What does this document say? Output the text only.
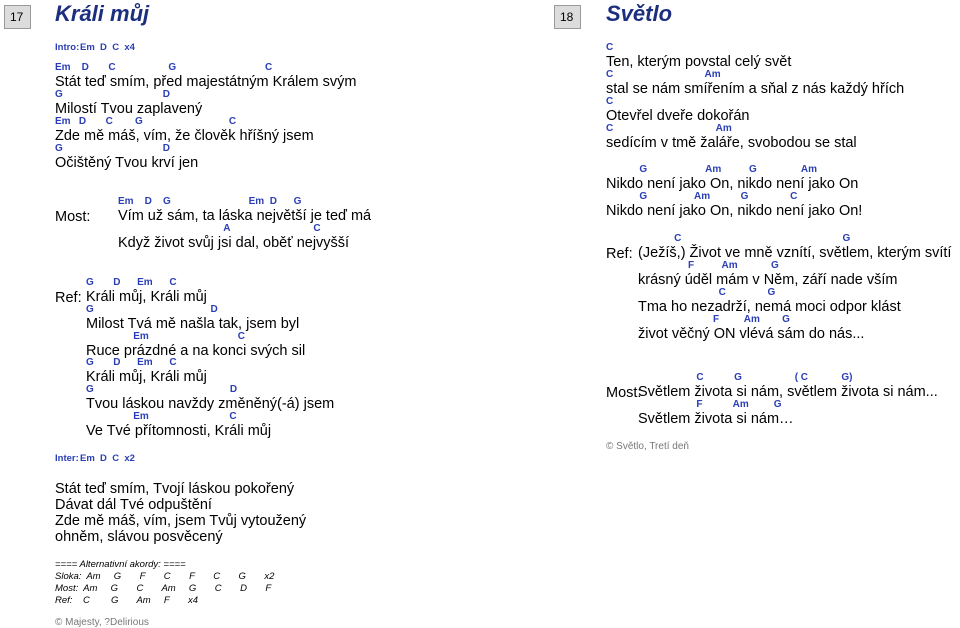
17	Králi můj
Intro: Em  D  C  x4
Em    D       C                   G                                C
Stát teď smím, před majestátným Králem svým
G                                    D
Milostí Tvou zaplavený
Em   D       C        G                               C
Zde mě máš, vím, že člověk hříšný jsem
G                                    D
Očištěný Tvou krví jen
Most:
Em    D    G                            Em  D      G
Vím už sám, ta láska největší je teď má
A                              C
Když život svůj jsi dal, oběť nejvyšší
Ref:
G       D      Em      C
Králi můj, Králi můj
G                                          D
Milost Tvá mě našla tak, jsem byl
Em                                C
Ruce prázdné a na konci svých sil
G       D      Em      C
Králi můj, Králi můj
G                                                 D
Tvou láskou navždy změněný(-á) jsem
Em                             C
Ve Tvé přítomnosti, Králi můj
Inter: Em  D  C  x2
Stát teď smím, Tvojí láskou pokořený
Dávat dál Tvé odpuštění
Zde mě máš, vím, jsem Tvůj vytoužený
ohněm, slávou posvěcený
==== Alternativní akordy: ====
Sloka:  Am     G       F       C       F       C       G       x2
Most:  Am     G       C       Am     G       C       D       F
Ref:    C        G       Am     F       x4
© Majesty, ?Delirious
18	Světlo
C
Ten, kterým povstal celý svět
C                                 Am
stal se nám smířením a sňal z nás každý hřích
C
Otevřel dveře dokořán
C                                     Am
sedícím v tmě žaláře, svobodou se stal
G                     Am          G                Am
Nikdo není jako On, nikdo není jako On
G                 Am           G               C
Nikdo není jako On, nikdo není jako On!
Ref:
C                                                          G
(Ježíš,) Život ve mně vznítí, světlem, kterým svítí
F          Am            G
krásný úděl mám v Něm, září nade vším
C               G
Tma ho nezadrží, nemá moci odpor klást
F         Am        G
život věčný ON vlévá sám do nás...
Most:
C           G                   ( C            G)
Světlem života si nám, světlem života si nám...
F           Am         G
Světlem života si nám…
© Světlo, Tretí deň
